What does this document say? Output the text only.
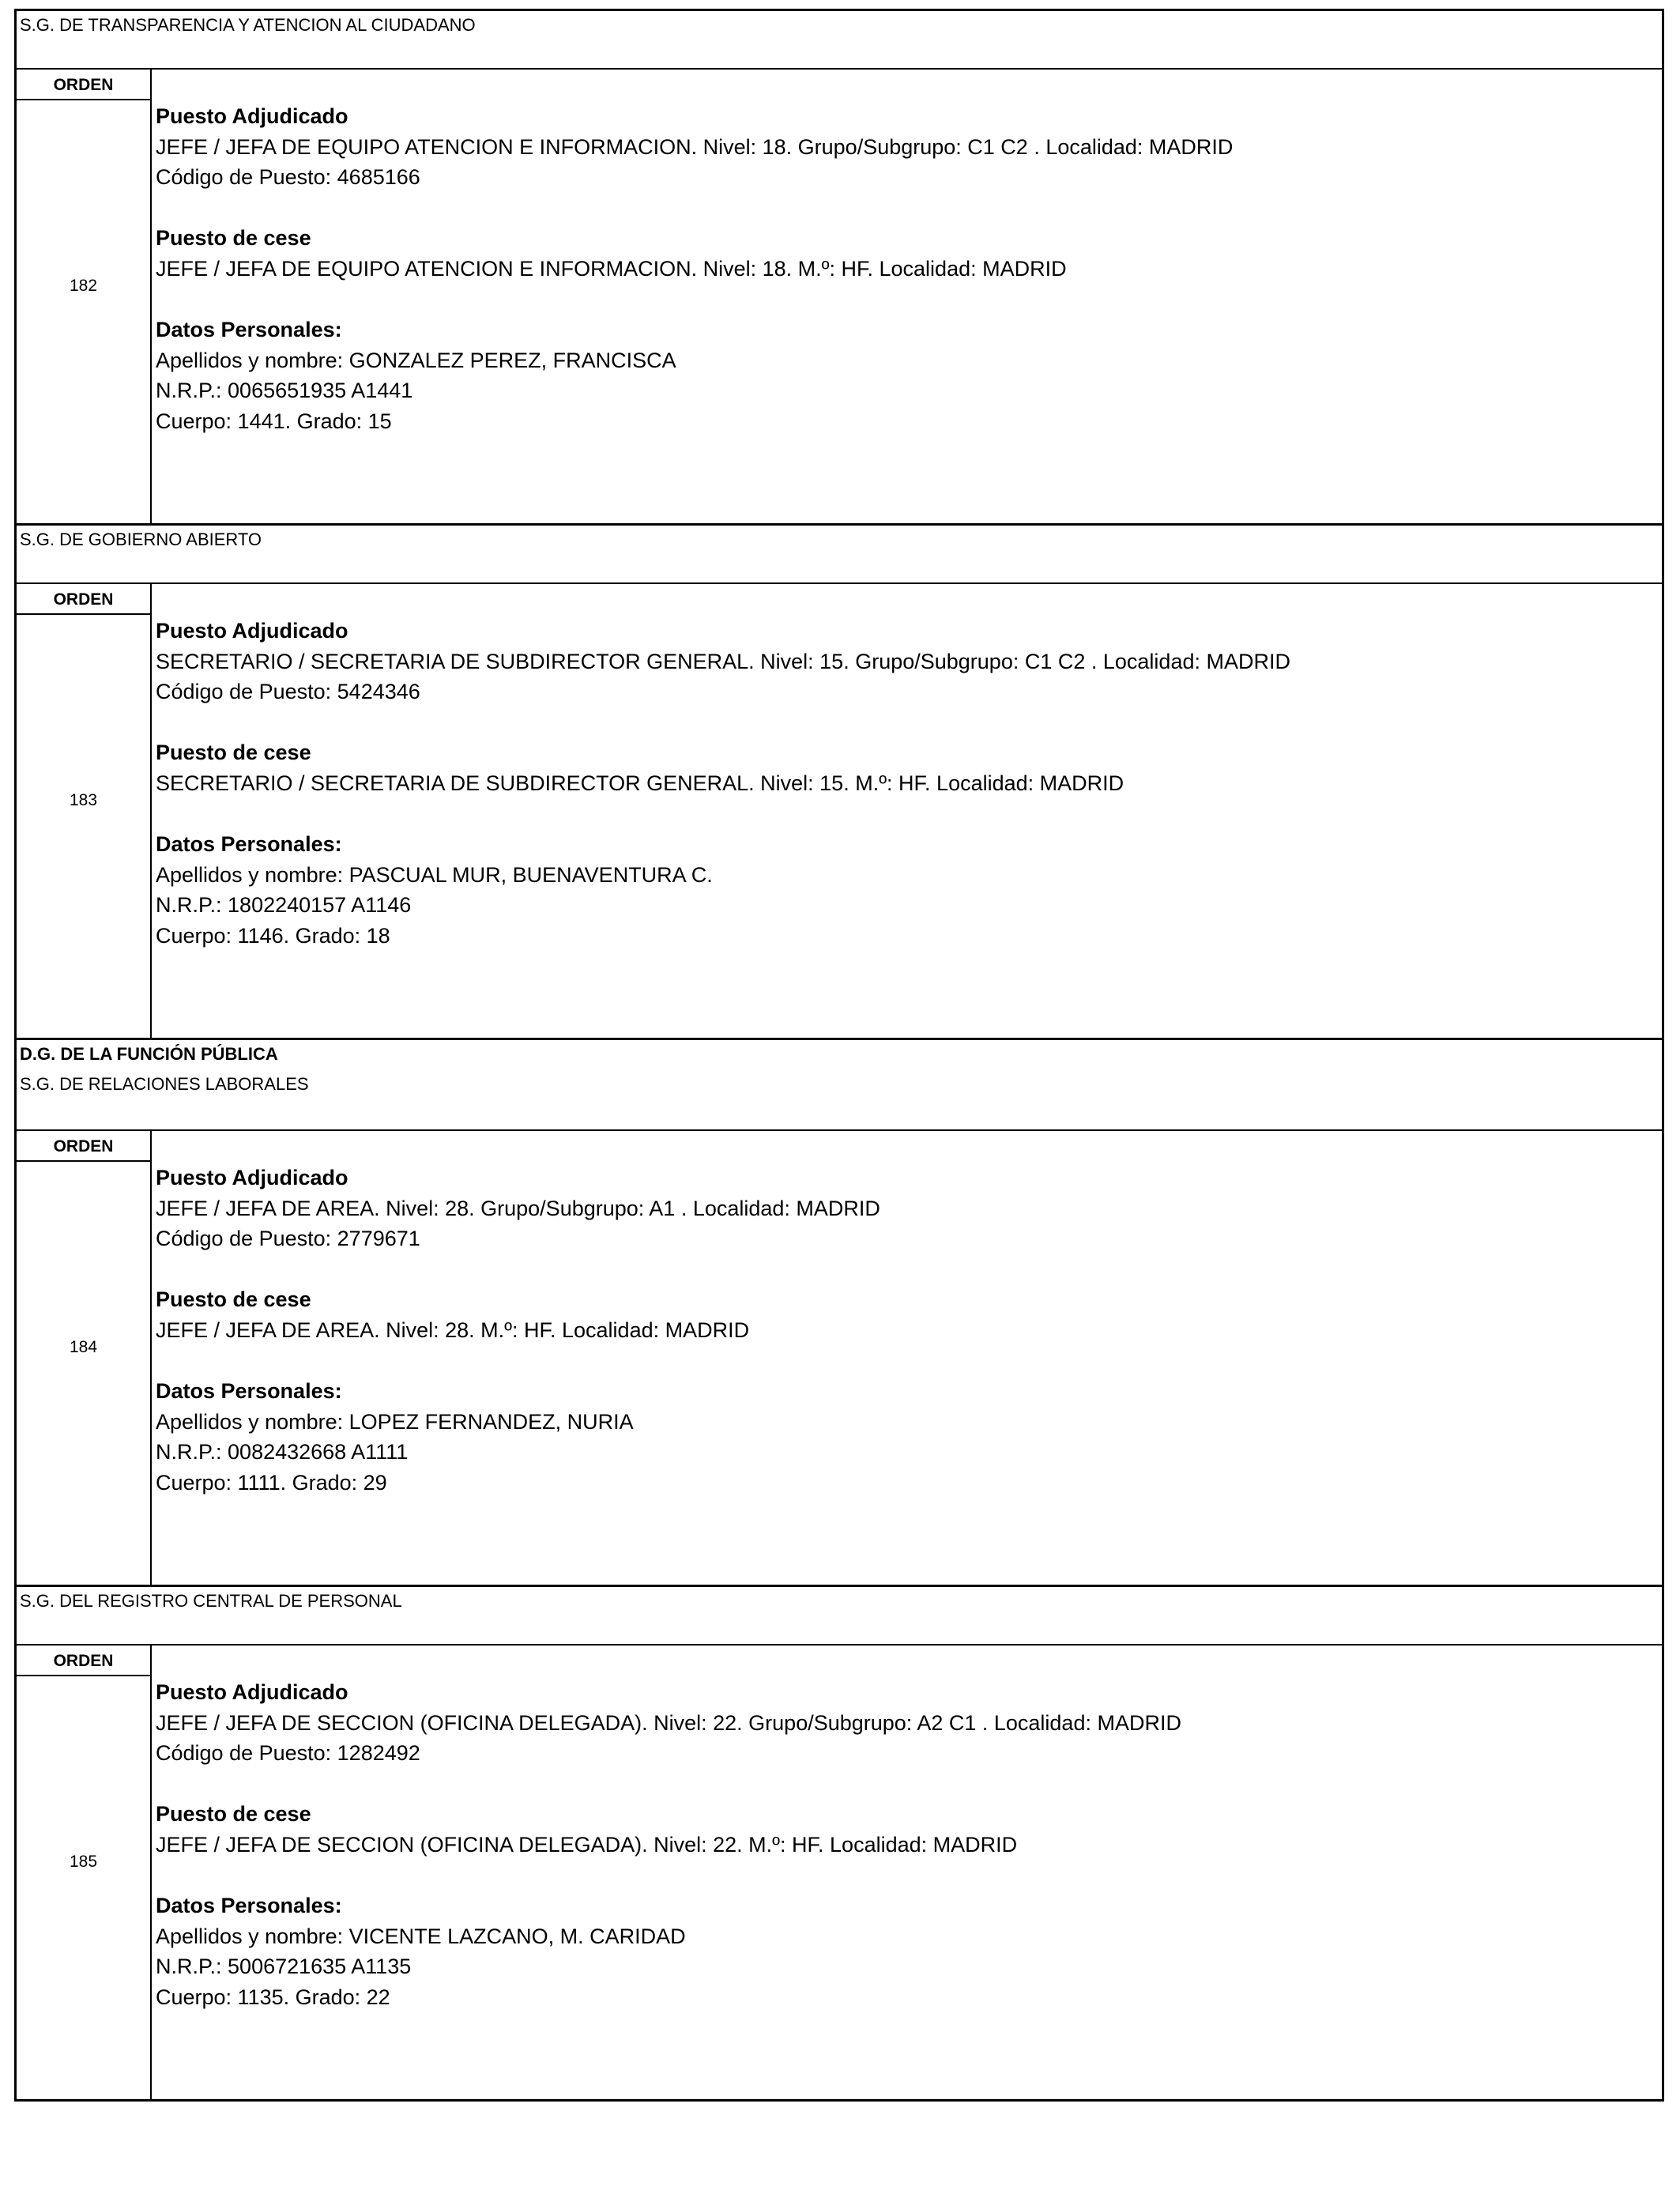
S.G. DE TRANSPARENCIA Y ATENCION AL CIUDADANO
ORDEN
182
Puesto Adjudicado
JEFE / JEFA DE EQUIPO ATENCION E INFORMACION. Nivel: 18. Grupo/Subgrupo: C1 C2 . Localidad: MADRID
Código de Puesto: 4685166
Puesto de cese
JEFE / JEFA DE EQUIPO ATENCION E INFORMACION. Nivel: 18. M.º: HF. Localidad: MADRID
Datos Personales:
Apellidos y nombre: GONZALEZ PEREZ, FRANCISCA
N.R.P.: 0065651935 A1441
Cuerpo: 1441. Grado: 15
S.G. DE GOBIERNO ABIERTO
ORDEN
183
Puesto Adjudicado
SECRETARIO / SECRETARIA DE SUBDIRECTOR GENERAL. Nivel: 15. Grupo/Subgrupo: C1 C2 . Localidad: MADRID
Código de Puesto: 5424346
Puesto de cese
SECRETARIO / SECRETARIA DE SUBDIRECTOR GENERAL. Nivel: 15. M.º: HF. Localidad: MADRID
Datos Personales:
Apellidos y nombre: PASCUAL MUR, BUENAVENTURA C.
N.R.P.: 1802240157 A1146
Cuerpo: 1146. Grado: 18
D.G. DE LA FUNCIÓN PÚBLICA
S.G. DE RELACIONES LABORALES
ORDEN
184
Puesto Adjudicado
JEFE / JEFA DE AREA. Nivel: 28. Grupo/Subgrupo: A1 . Localidad: MADRID
Código de Puesto: 2779671
Puesto de cese
JEFE / JEFA DE AREA. Nivel: 28. M.º: HF. Localidad: MADRID
Datos Personales:
Apellidos y nombre: LOPEZ FERNANDEZ, NURIA
N.R.P.: 0082432668 A1111
Cuerpo: 1111. Grado: 29
S.G. DEL REGISTRO CENTRAL DE PERSONAL
ORDEN
185
Puesto Adjudicado
JEFE / JEFA DE SECCION (OFICINA DELEGADA). Nivel: 22. Grupo/Subgrupo: A2 C1 . Localidad: MADRID
Código de Puesto: 1282492
Puesto de cese
JEFE / JEFA DE SECCION (OFICINA DELEGADA). Nivel: 22. M.º: HF. Localidad: MADRID
Datos Personales:
Apellidos y nombre: VICENTE LAZCANO, M. CARIDAD
N.R.P.: 5006721635 A1135
Cuerpo: 1135. Grado: 22
